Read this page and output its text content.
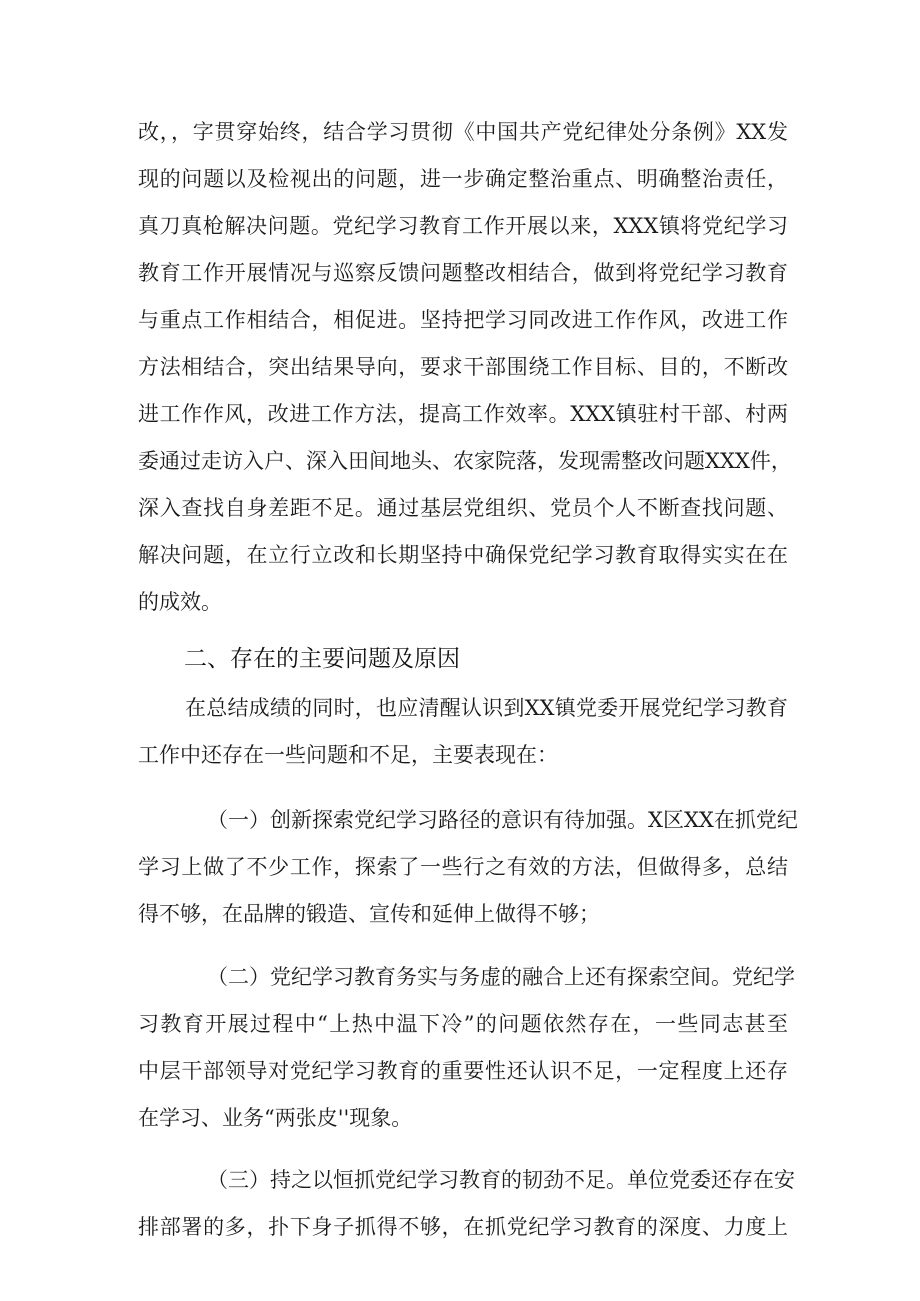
改，，字贯穿始终，结合学习贯彻《中国共产党纪律处分条例》XX发
现的问题以及检视出的问题，进一步确定整治重点、明确整治责任，
真刀真枪解决问题。党纪学习教育工作开展以来，XXX镇将党纪学习
教育工作开展情况与巡察反馈问题整改相结合，做到将党纪学习教育
与重点工作相结合，相促进。坚持把学习同改进工作作风，改进工作
方法相结合，突出结果导向，要求干部围绕工作目标、目的，不断改
进工作作风，改进工作方法，提高工作效率。XXX镇驻村干部、村两
委通过走访入户、深入田间地头、农家院落，发现需整改问题XXX件，
深入查找自身差距不足。通过基层党组织、党员个人不断查找问题、
解决问题，在立行立改和长期坚持中确保党纪学习教育取得实实在在
的成效。
二、存在的主要问题及原因
在总结成绩的同时，也应清醒认识到XX镇党委开展党纪学习教育
工作中还存在一些问题和不足，主要表现在：
（一）创新探索党纪学习路径的意识有待加强。X区XX在抓党纪
学习上做了不少工作，探索了一些行之有效的方法，但做得多，总结
得不够，在品牌的锻造、宣传和延伸上做得不够；
（二）党纪学习教育务实与务虚的融合上还有探索空间。党纪学
习教育开展过程中“上热中温下冷”的问题依然存在，一些同志甚至
中层干部领导对党纪学习教育的重要性还认识不足，一定程度上还存
在学习、业务“两张皮''现象。
（三）持之以恒抓党纪学习教育的韧劲不足。单位党委还存在安
排部署的多，扑下身子抓得不够，在抓党纪学习教育的深度、力度上
